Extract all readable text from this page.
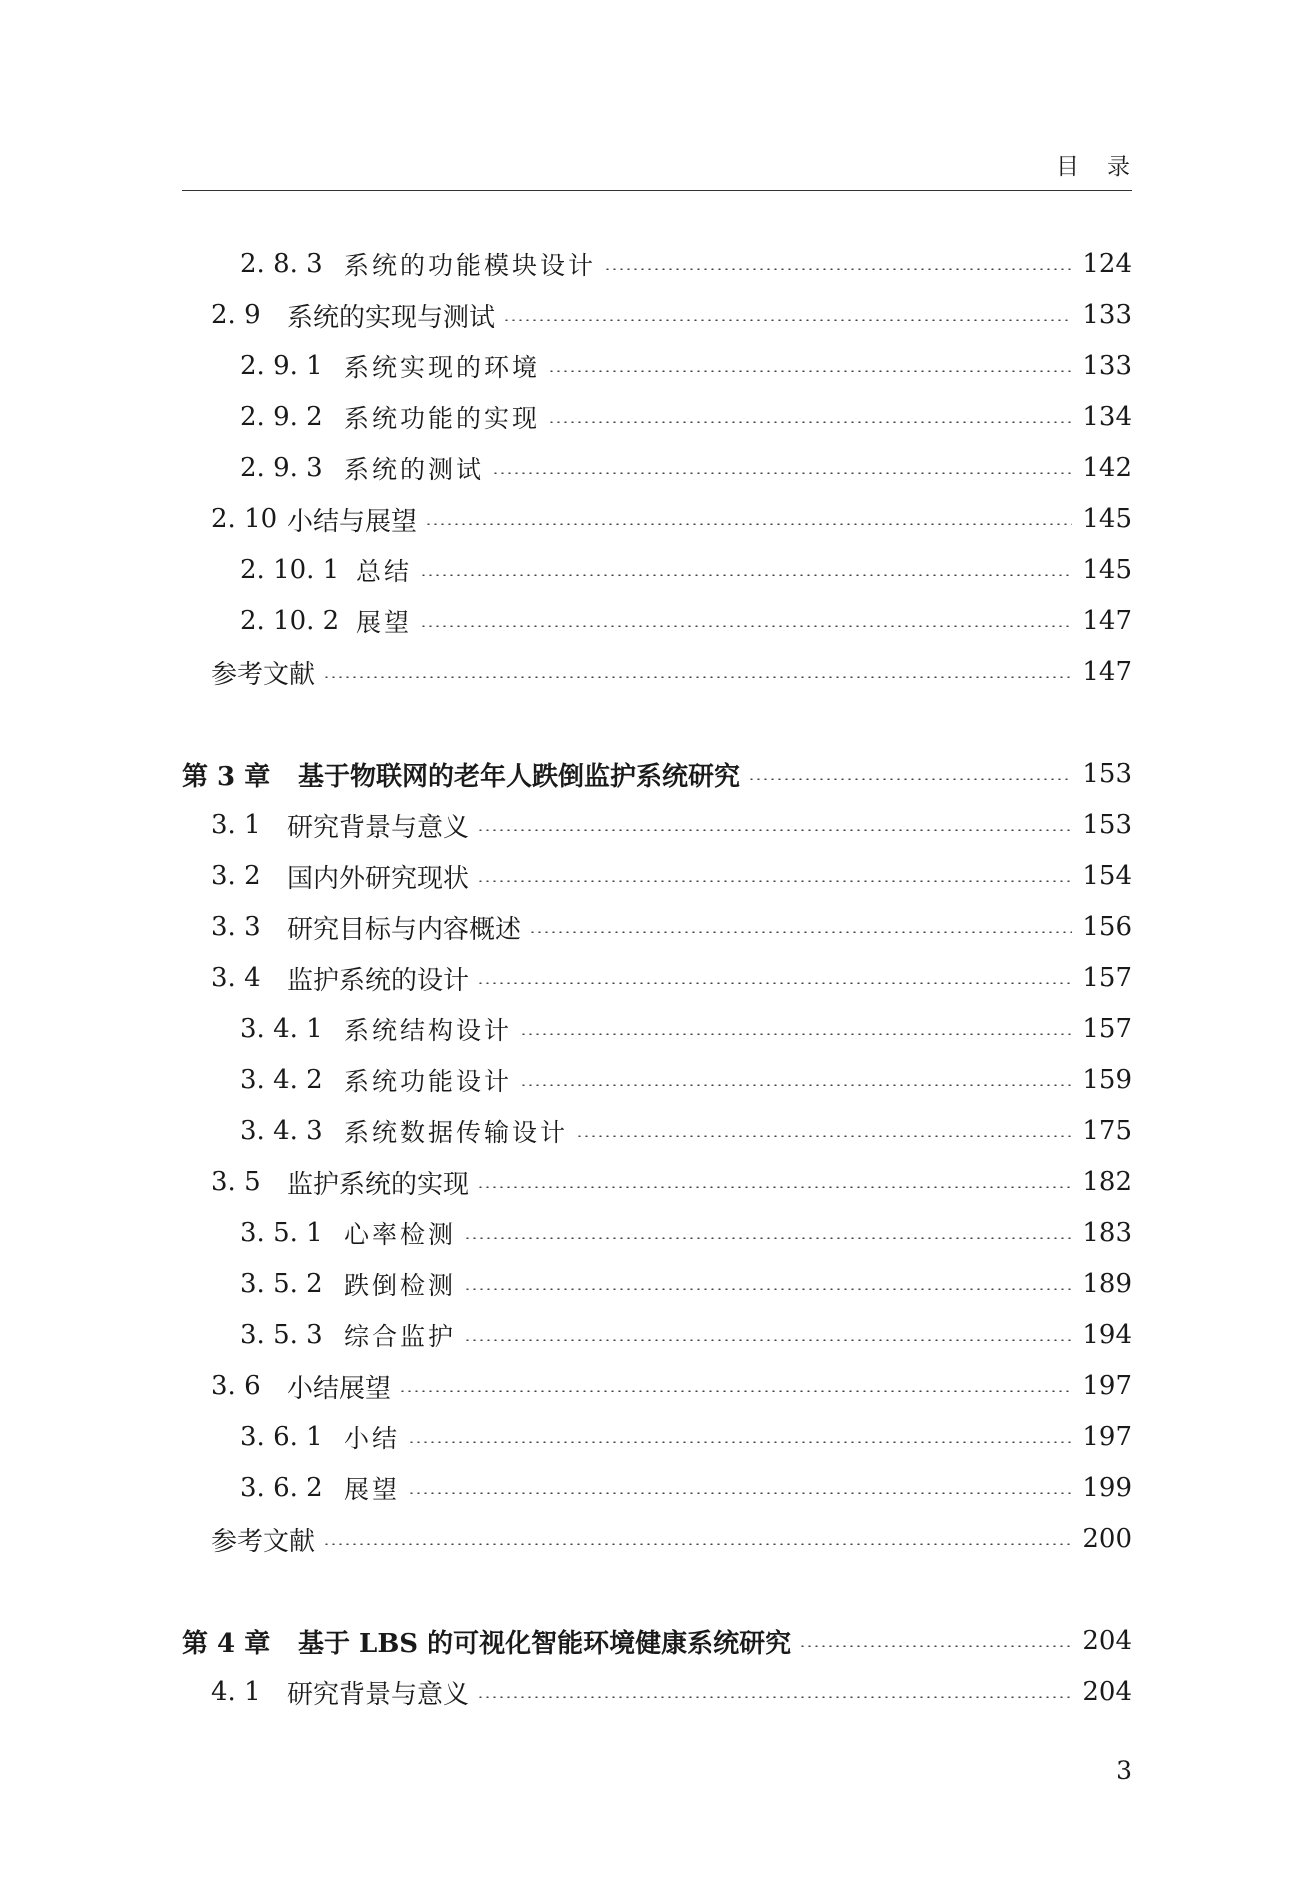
目录
2. 8. 3 系统的功能模块设计	124
2. 9	系统的实现与测试	133
2. 9. 1 系统实现的环境	133
2. 9. 2 系统功能的实现	134
2. 9. 3 系统的测试	142
2. 10 小结与展望	145
2. 10. 1 总结	145
2. 10. 2 展望	147
参考文献	147
第 3 章	基于物联网的老年人跌倒监护系统研究	153
3. 1	研究背景与意义	153
3. 2	国内外研究现状	154
3. 3	研究目标与内容概述	156
3. 4	监护系统的设计	157
3. 4. 1 系统结构设计	157
3. 4. 2 系统功能设计	159
3. 4. 3 系统数据传输设计	175
3. 5	监护系统的实现	182
3. 5. 1 心率检测	183
3. 5. 2 跌倒检测	189
3. 5. 3 综合监护	194
3. 6	小结展望	197
3. 6. 1 小结	197
3. 6. 2 展望	199
参考文献	200
第 4 章	基于 LBS 的可视化智能环境健康系统研究	204
4. 1	研究背景与意义	204
3
